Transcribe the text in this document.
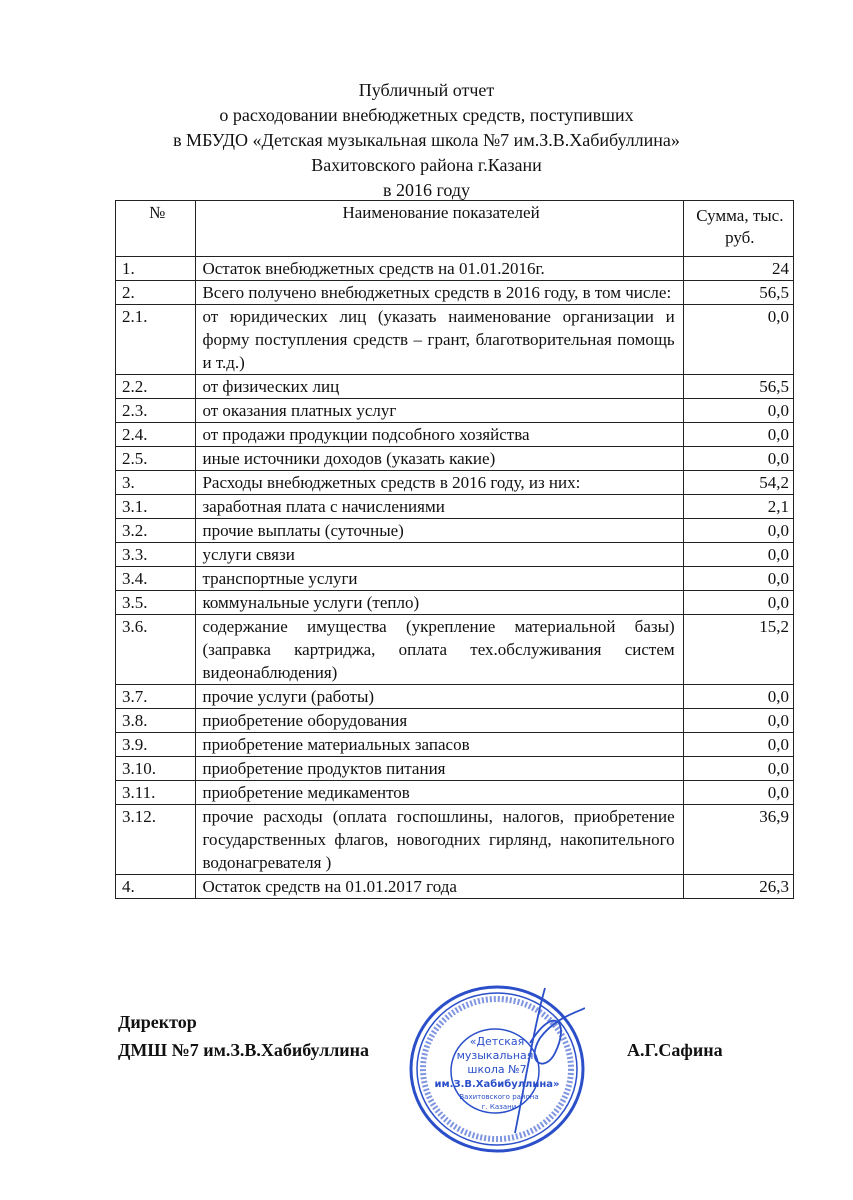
Публичный отчет
о расходовании внебюджетных средств, поступивших
в МБУДО «Детская музыкальная школа №7 им.З.В.Хабибуллина»
Вахитовского района г.Казани
в 2016 году
№	Наименование показателей	Сумма, тыс. руб.
1.	Остаток внебюджетных средств на 01.01.2016г.	24
2.	Всего получено внебюджетных средств в 2016 году, в том числе:	56,5
2.1.	от юридических лиц (указать наименование организации и форму поступления средств – грант, благотворительная помощь и т.д.)	0,0
2.2.	от физических лиц	56,5
2.3.	от оказания платных услуг	0,0
2.4.	от продажи продукции подсобного хозяйства	0,0
2.5.	иные источники доходов (указать какие)	0,0
3.	Расходы внебюджетных средств в 2016 году, из них:	54,2
3.1.	заработная плата с начислениями	2,1
3.2.	прочие выплаты (суточные)	0,0
3.3.	услуги связи	0,0
3.4.	транспортные услуги	0,0
3.5.	коммунальные услуги (тепло)	0,0
3.6.	содержание имущества (укрепление материальной базы) (заправка картриджа, оплата тех.обслуживания систем видеонаблюдения)	15,2
3.7.	прочие услуги (работы)	0,0
3.8.	приобретение оборудования	0,0
3.9.	приобретение материальных запасов	0,0
3.10.	приобретение продуктов питания	0,0
3.11.	приобретение медикаментов	0,0
3.12.	прочие расходы (оплата госпошлины, налогов, приобретение государственных флагов, новогодних гирлянд, накопительного водонагревателя )	36,9
4.	Остаток средств на 01.01.2017 года	26,3
Директор
ДМШ №7 им.З.В.Хабибуллина	А.Г.Сафина
«Детская
музыкальная
школа №7
им.З.В.Хабибуллина»
Вахитовского района
г. Казани
